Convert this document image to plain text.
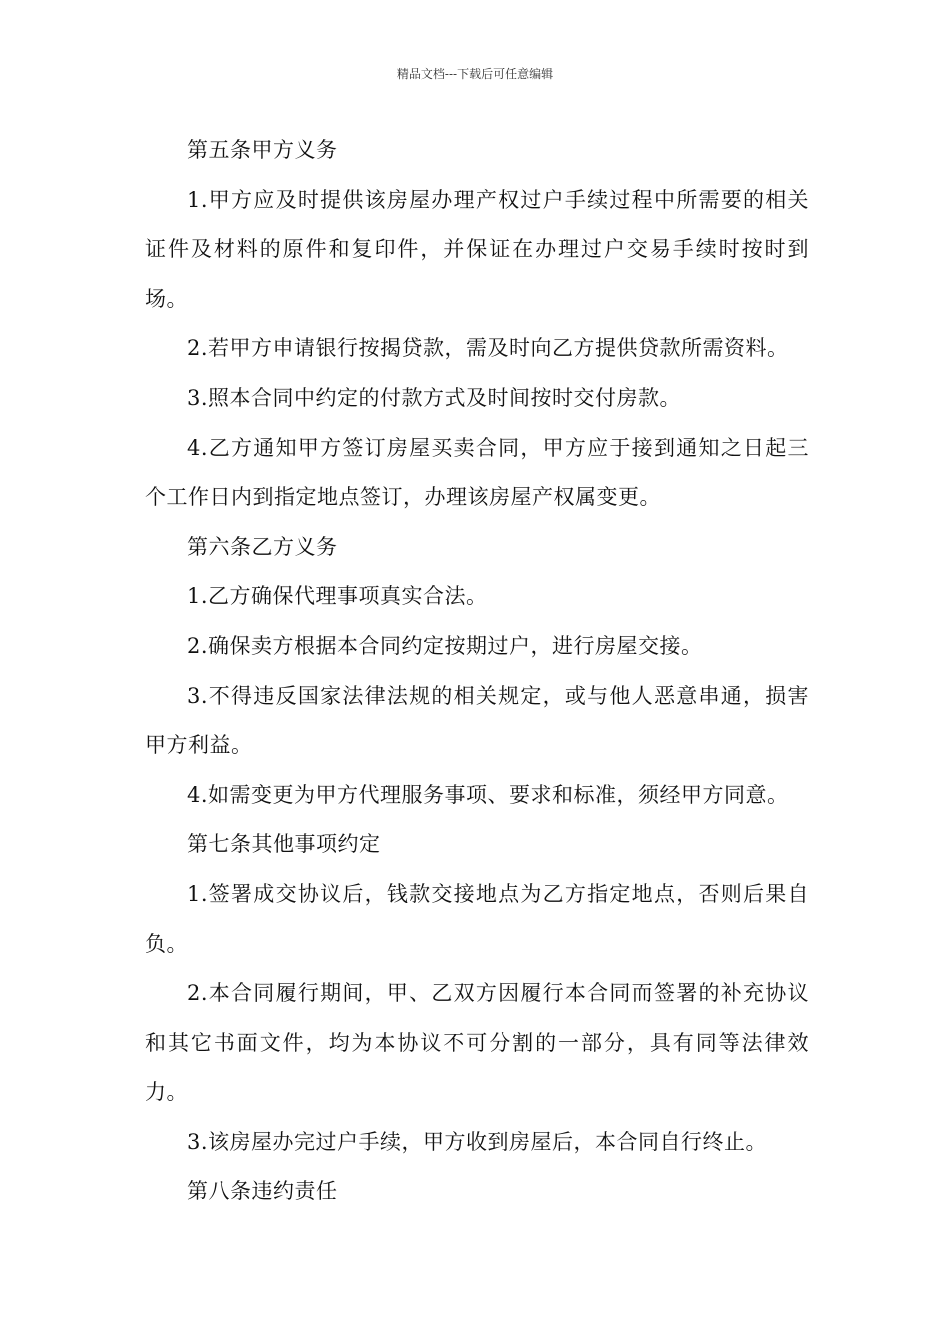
精品文档---下载后可任意编辑

第五条甲方义务

1.甲方应及时提供该房屋办理产权过户手续过程中所需要的相关证件及材料的原件和复印件，并保证在办理过户交易手续时按时到场。

2.若甲方申请银行按揭贷款，需及时向乙方提供贷款所需资料。

3.照本合同中约定的付款方式及时间按时交付房款。

4.乙方通知甲方签订房屋买卖合同，甲方应于接到通知之日起三个工作日内到指定地点签订，办理该房屋产权属变更。

第六条乙方义务

1.乙方确保代理事项真实合法。

2.确保卖方根据本合同约定按期过户，进行房屋交接。

3.不得违反国家法律法规的相关规定，或与他人恶意串通，损害甲方利益。

4.如需变更为甲方代理服务事项、要求和标准，须经甲方同意。

第七条其他事项约定

1.签署成交协议后，钱款交接地点为乙方指定地点，否则后果自负。

2.本合同履行期间，甲、乙双方因履行本合同而签署的补充协议和其它书面文件，均为本协议不可分割的一部分，具有同等法律效力。

3.该房屋办完过户手续，甲方收到房屋后，本合同自行终止。

第八条违约责任
